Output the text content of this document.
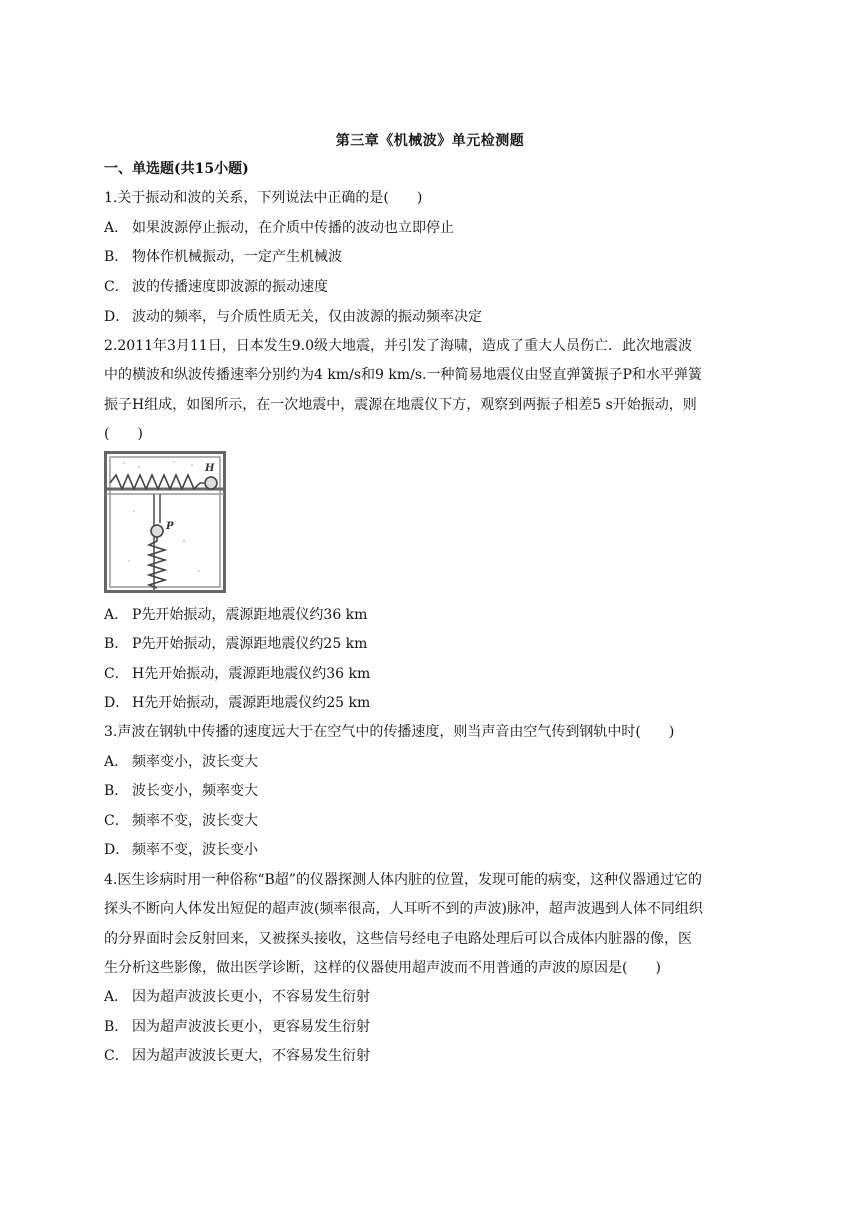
第三章《机械波》单元检测题
一、单选题(共15小题)
1.关于振动和波的关系，下列说法中正确的是(　　)
A． 如果波源停止振动，在介质中传播的波动也立即停止
B． 物体作机械振动，一定产生机械波
C． 波的传播速度即波源的振动速度
D． 波动的频率，与介质性质无关，仅由波源的振动频率决定
2.2011年3月11日，日本发生9.0级大地震，并引发了海啸，造成了重大人员伤亡．此次地震波
中的横波和纵波传播速率分别约为4 km/s和9 km/s.一种简易地震仪由竖直弹簧振子P和水平弹簧
振子H组成，如图所示，在一次地震中，震源在地震仪下方，观察到两振子相差5 s开始振动，则
(　　)
H
P
A． P先开始振动，震源距地震仪约36 km
B． P先开始振动，震源距地震仪约25 km
C． H先开始振动，震源距地震仪约36 km
D． H先开始振动，震源距地震仪约25 km
3.声波在钢轨中传播的速度远大于在空气中的传播速度，则当声音由空气传到钢轨中时(　　)
A． 频率变小，波长变大
B． 波长变小，频率变大
C． 频率不变，波长变大
D． 频率不变，波长变小
4.医生诊病时用一种俗称“B超”的仪器探测人体内脏的位置，发现可能的病变，这种仪器通过它的
探头不断向人体发出短促的超声波(频率很高，人耳听不到的声波)脉冲，超声波遇到人体不同组织
的分界面时会反射回来，又被探头接收，这些信号经电子电路处理后可以合成体内脏器的像，医
生分析这些影像，做出医学诊断，这样的仪器使用超声波而不用普通的声波的原因是(　　)
A． 因为超声波波长更小，不容易发生衍射
B． 因为超声波波长更小，更容易发生衍射
C． 因为超声波波长更大，不容易发生衍射
